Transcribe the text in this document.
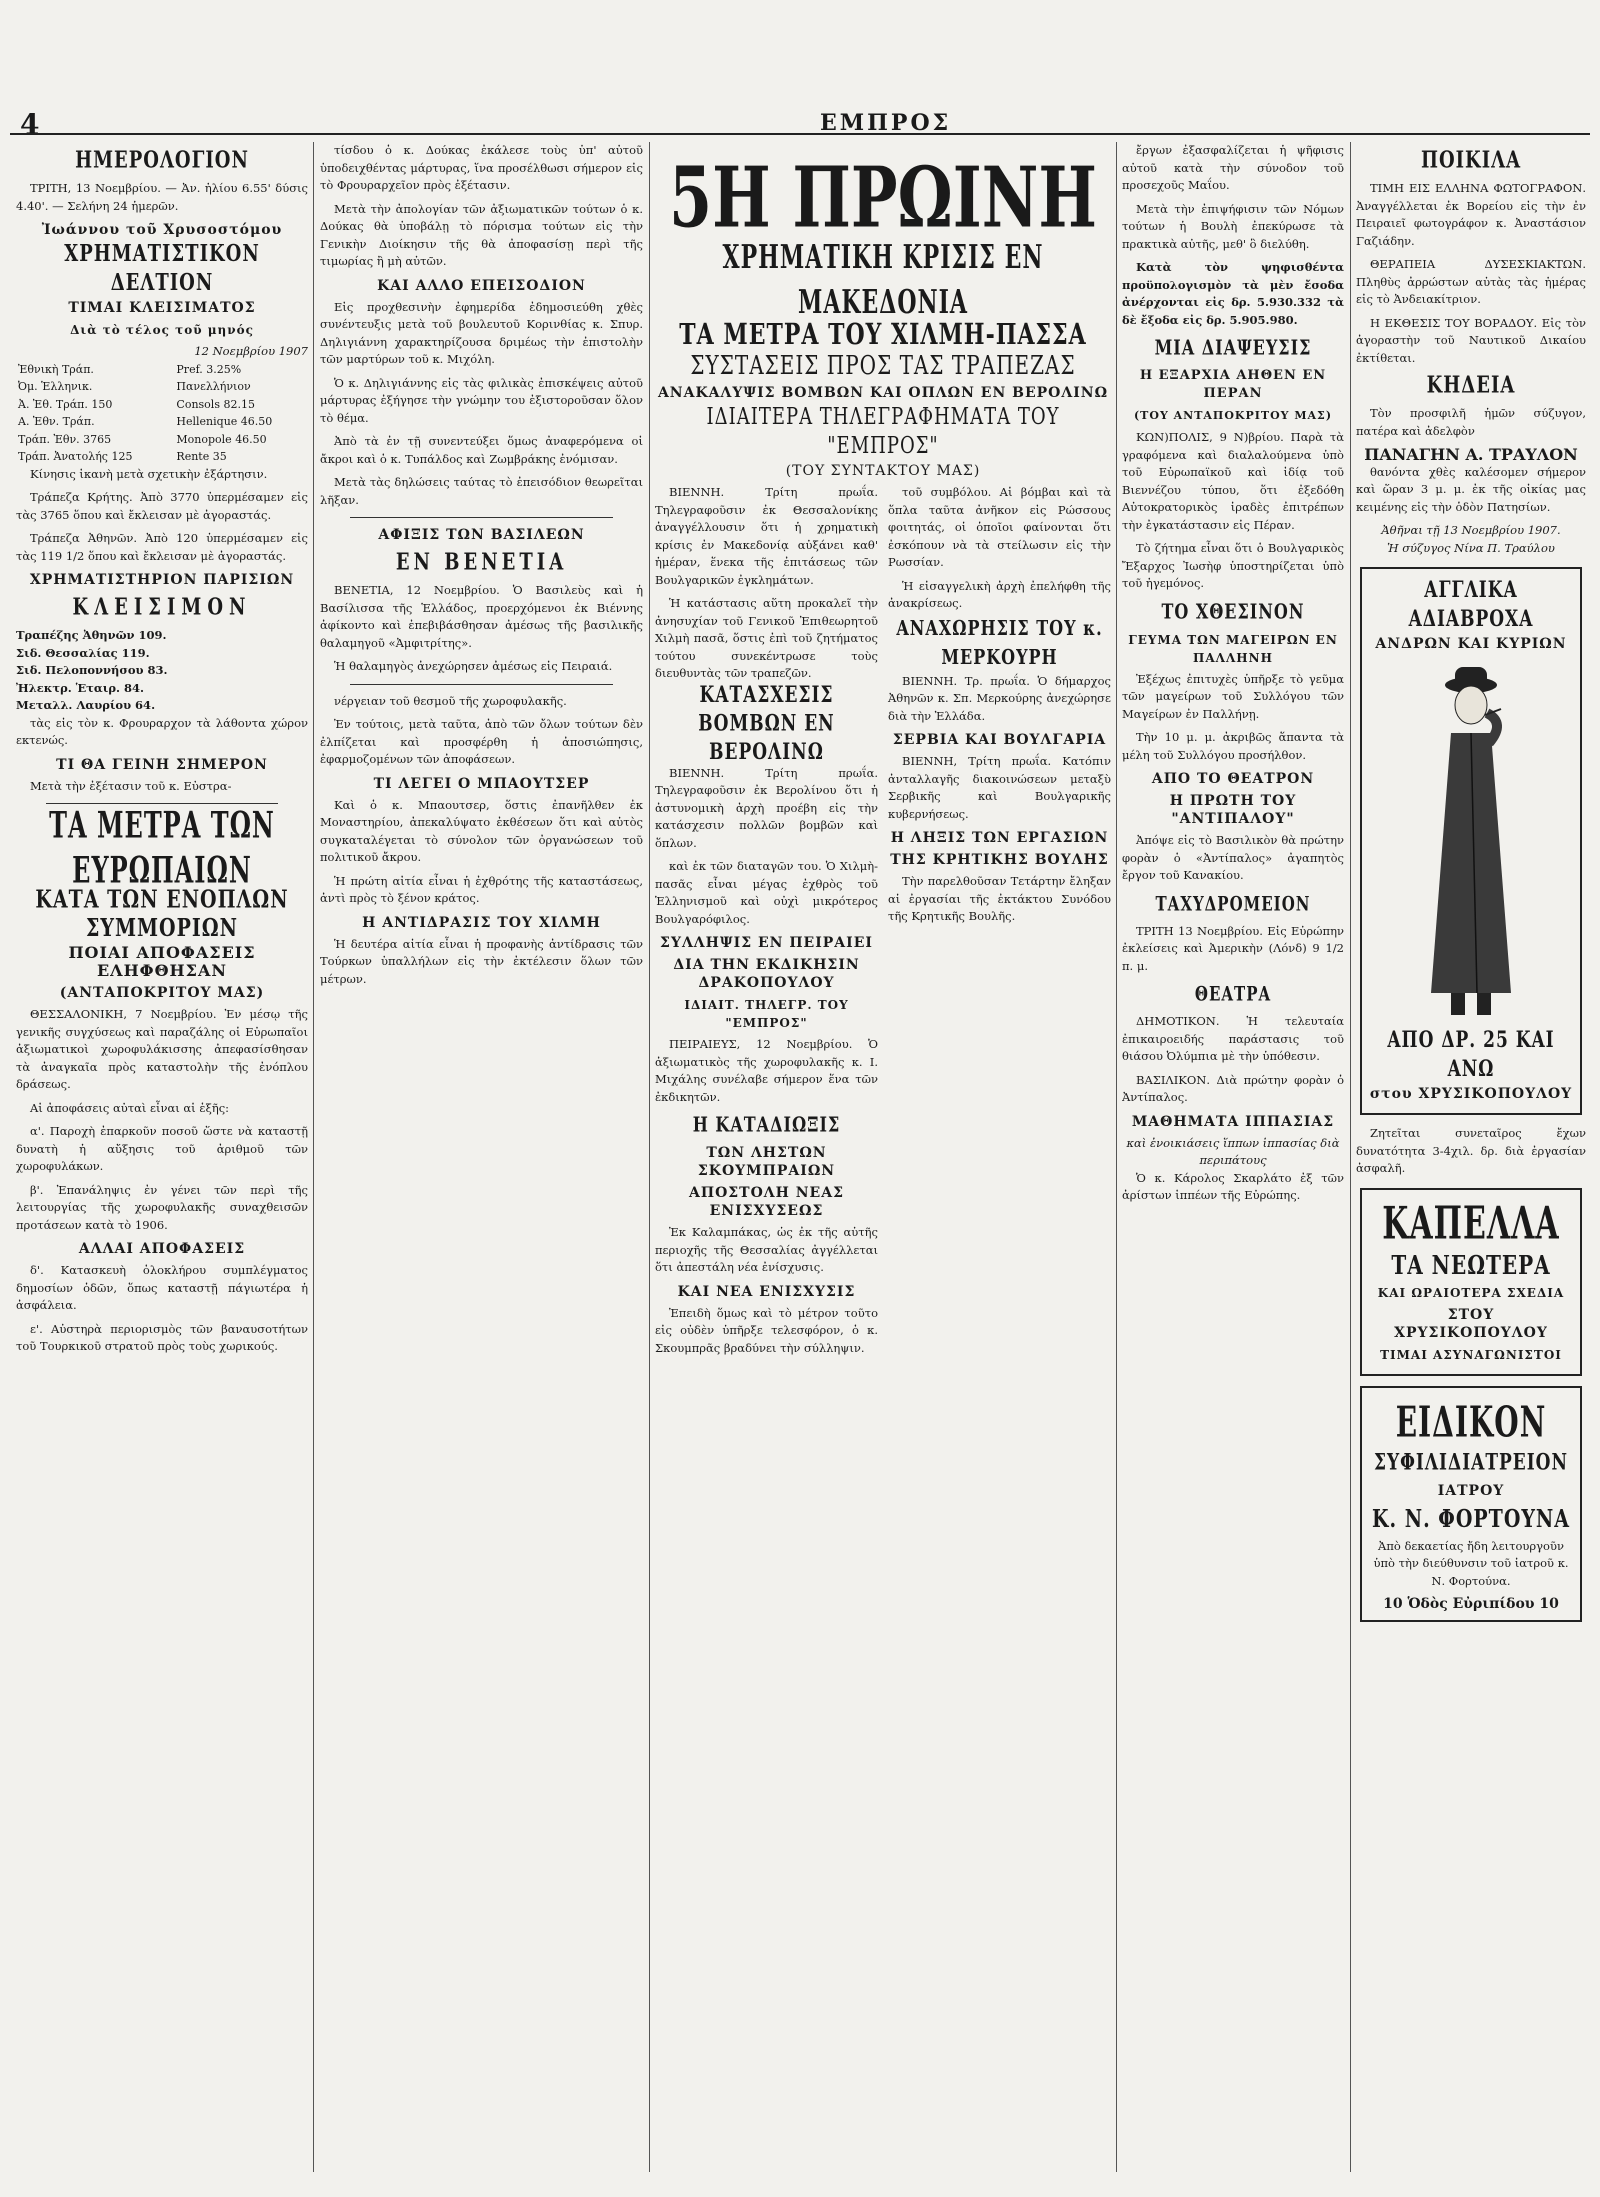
4	ΕΜΠΡΟΣ
ΗΜΕΡΟΛΟΓΙΟΝ

ΤΡΙΤΗ, 13 Νοεμβρίου. — Ἀν. ἡλίου 6.55' δύσις 4.40'. — Σελήνη 24 ἡμερῶν.

Ἰωάννου τοῦ Χρυσοστόμου
ΧΡΗΜΑΤΙΣΤΙΚΟΝ ΔΕΛΤΙΟΝ
ΤΙΜΑΙ ΚΛΕΙΣΙΜΑΤΟΣ
Διὰ τὸ τέλος τοῦ μηνός
12 Νοεμβρίου 1907
Ἐθνικὴ Τράπ.	Pref. 3.25%
Ὀμ. Ἑλληνικ.	Πανελλήνιον
Ἀ. Ἐθ. Τράπ. 150	Consols 82.15
Α. Ἐθν. Τράπ.	Hellenique 46.50
Τράπ. Ἐθν. 3765	Monopole 46.50
Τράπ. Ἀνατολής 125	Rente 35

Κίνησις ἱκανὴ μετὰ σχετικὴν ἐξάρτησιν.

Τράπεζα Κρήτης. Ἀπὸ 3770 ὑπερμέσαμεν εἰς τὰς 3765 ὅπου καὶ ἔκλεισαν μὲ ἀγοραστάς.

Τράπεζα Ἀθηνῶν. Ἀπὸ 120 ὑπερμέσαμεν εἰς τὰς 119 1/2 ὅπου καὶ ἔκλεισαν μὲ ἀγοραστάς.

ΧΡΗΜΑΤΙΣΤΗΡΙΟΝ ΠΑΡΙΣΙΩΝ
ΚΛΕΙΣΙΜΟΝ
Τραπέζης Ἀθηνῶν 109.
Σιδ. Θεσσαλίας 119.
Σιδ. Πελοποννήσου 83.
Ἠλεκτρ. Ἑταιρ. 84.
Μεταλλ. Λαυρίου 64.

τὰς εἰς τὸν κ. Φρουραρχον τὰ λάθοντα χώρον εκτενώς.

ΤΙ ΘΑ ΓΕΙΝΗ ΣΗΜΕΡΟΝ

Μετὰ τὴν ἐξέτασιν τοῦ κ. Εὐστρα-

ΤΑ ΜΕΤΡΑ ΤΩΝ ΕΥΡΩΠΑΙΩΝ
ΚΑΤΑ ΤΩΝ ΕΝΟΠΛΩΝ ΣΥΜΜΟΡΙΩΝ
ΠΟΙΑΙ ΑΠΟΦΑΣΕΙΣ ΕΛΗΦΘΗΣΑΝ
(ΑΝΤΑΠΟΚΡΙΤΟΥ ΜΑΣ)

ΘΕΣΣΑΛΟΝΙΚΗ, 7 Νοεμβρίου. Ἐν μέσῳ τῆς γενικῆς συγχύσεως καὶ παραζάλης οἱ Εὐρωπαῖοι ἀξιωματικοὶ χωροφυλάκισσης ἀπεφασίσθησαν τὰ ἀναγκαῖα πρὸς καταστολὴν τῆς ἐνόπλου δράσεως.

Αἱ ἀποφάσεις αὐταὶ εἶναι αἱ ἑξῆς:

α'. Παροχὴ ἐπαρκοῦν ποσοῦ ὥστε νὰ καταστῇ δυνατὴ ἡ αὔξησις τοῦ ἀριθμοῦ τῶν χωροφυλάκων.

β'. Ἐπανάληψις ἐν γένει τῶν περὶ τῆς λειτουργίας τῆς χωροφυλακῆς συναχθεισῶν προτάσεων κατὰ τὸ 1906.

ΑΛΛΑΙ ΑΠΟΦΑΣΕΙΣ

δ'. Κατασκευὴ ὁλοκλήρου συμπλέγματος δημοσίων ὁδῶν, ὅπως καταστῇ πάγιωτέρα ἡ ἀσφάλεια.

ε'. Αὐστηρὰ περιορισμὸς τῶν βαναυσοτήτων τοῦ Τουρκικοῦ στρατοῦ πρὸς τοὺς χωρικούς.

τίσδου ὁ κ. Δούκας ἐκάλεσε τοὺς ὑπ' αὐτοῦ ὑποδειχθέντας μάρτυρας, ἵνα προσέλθωσι σήμερον εἰς τὸ Φρουραρχεῖον πρὸς ἐξέτασιν.

Μετὰ τὴν ἀπολογίαν τῶν ἀξιωματικῶν τούτων ὁ κ. Δούκας θὰ ὑποβάλῃ τὸ πόρισμα τούτων εἰς τὴν Γενικὴν Διοίκησιν τῆς θὰ ἀποφασίσῃ περὶ τῆς τιμωρίας ἢ μὴ αὐτῶν.

ΚΑΙ ΑΛΛΟ ΕΠΕΙΣΟΔΙΟΝ

Εἰς προχθεσινὴν ἐφημερίδα ἐδημοσιεύθη χθὲς συνέντευξις μετὰ τοῦ βουλευτοῦ Κορινθίας κ. Σπυρ. Δηλιγιάννη χαρακτηρίζουσα δριμέως τὴν ἐπιστολὴν τῶν μαρτύρων τοῦ κ. Μιχόλη.

Ὁ κ. Δηλιγιάννης εἰς τὰς φιλικὰς ἐπισκέψεις αὐτοῦ μάρτυρας ἐξήγησε τὴν γνώμην του ἐξιστοροῦσαν ὅλον τὸ θέμα.

Ἀπὸ τὰ ἐν τῇ συνεντεύξει ὅμως ἀναφερόμενα οἱ ἄκροι καὶ ὁ κ. Τυπάλδος καὶ Ζωμβράκης ἐνόμισαν.

Μετὰ τὰς δηλώσεις ταύτας τὸ ἐπεισόδιον θεωρεῖται λῆξαν.

ΑΦΙΞΙΣ ΤΩΝ ΒΑΣΙΛΕΩΝ
ΕΝ ΒΕΝΕΤΙΑ

ΒΕΝΕΤΙΑ, 12 Νοεμβρίου. Ὁ Βασιλεὺς καὶ ἡ Βασίλισσα τῆς Ἑλλάδος, προερχόμενοι ἐκ Βιέννης ἀφίκοντο καὶ ἐπεβιβάσθησαν ἀμέσως τῆς βασιλικῆς θαλαμηγοῦ «Ἀμφιτρίτης».

Ἡ θαλαμηγὸς ἀνεχώρησεν ἀμέσως εἰς Πειραιά.

νέργειαν τοῦ θεσμοῦ τῆς χωροφυλακῆς.

Ἐν τούτοις, μετὰ ταῦτα, ἀπὸ τῶν ὄλων τούτων δὲν ἐλπίζεται καὶ προσφέρθη ἡ ἀποσιώπησις, ἐφαρμοζομένων τῶν ἀποφάσεων.

ΤΙ ΛΕΓΕΙ Ο ΜΠΑΟΥΤΣΕΡ

Καὶ ὁ κ. Μπαουτσερ, ὅστις ἐπανῆλθεν ἐκ Μοναστηρίου, ἀπεκαλύψατο ἐκθέσεων ὅτι καὶ αὐτὸς συγκαταλέγεται τὸ σύνολον τῶν ὀργανώσεων τοῦ πολιτικοῦ ἄκρου.

Ἡ πρώτη αἰτία εἶναι ἡ ἐχθρότης τῆς καταστάσεως, ἀντὶ πρὸς τὸ ξένον κράτος.

Η ΑΝΤΙΔΡΑΣΙΣ ΤΟΥ ΧΙΛΜΗ

Ἡ δευτέρα αἰτία εἶναι ἡ προφανὴς ἀντίδρασις τῶν Τούρκων ὑπαλλήλων εἰς τὴν ἐκτέλεσιν ὅλων τῶν μέτρων.

5Η ΠΡΩΙΝΗ
ΧΡΗΜΑΤΙΚΗ ΚΡΙΣΙΣ ΕΝ ΜΑΚΕΔΟΝΙΑ
ΤΑ ΜΕΤΡΑ ΤΟΥ ΧΙΛΜΗ-ΠΑΣΣΑ
ΣΥΣΤΑΣΕΙΣ ΠΡΟΣ ΤΑΣ ΤΡΑΠΕΖΑΣ
ΑΝΑΚΑΛΥΨΙΣ ΒΟΜΒΩΝ ΚΑΙ ΟΠΛΩΝ ΕΝ ΒΕΡΟΛΙΝΩ
ΙΔΙΑΙΤΕΡΑ ΤΗΛΕΓΡΑΦΗΜΑΤΑ ΤΟΥ "ΕΜΠΡΟΣ"
(ΤΟΥ ΣΥΝΤΑΚΤΟΥ ΜΑΣ)

ΒΙΕΝΝΗ. Τρίτη πρωΐα. Τηλεγραφοῦσιν ἐκ Θεσσαλονίκης ἀναγγέλλουσιν ὅτι ἡ χρηματικὴ κρίσις ἐν Μακεδονίᾳ αὐξάνει καθ' ἡμέραν, ἕνεκα τῆς ἐπιτάσεως τῶν Βουλγαρικῶν ἐγκλημάτων.

Ἡ κατάστασις αὕτη προκαλεῖ τὴν ἀνησυχίαν τοῦ Γενικοῦ Ἐπιθεωρητοῦ Χιλμὴ πασᾶ, ὅστις ἐπὶ τοῦ ζητήματος τούτου συνεκέντρωσε τοὺς διευθυντὰς τῶν τραπεζῶν.

ΚΑΤΑΣΧΕΣΙΣ ΒΟΜΒΩΝ ΕΝ ΒΕΡΟΛΙΝΩ

ΒΙΕΝΝΗ. Τρίτη πρωΐα. Τηλεγραφοῦσιν ἐκ Βερολίνου ὅτι ἡ ἀστυνομικὴ ἀρχὴ προέβη εἰς τὴν κατάσχεσιν πολλῶν βομβῶν καὶ ὅπλων.

καὶ ἐκ τῶν διαταγῶν του. Ὁ Χιλμὴ-πασᾶς εἶναι μέγας ἐχθρὸς τοῦ Ἑλληνισμοῦ καὶ οὐχὶ μικρότερος Βουλγαρόφιλος.

ΣΥΛΛΗΨΙΣ ΕΝ ΠΕΙΡΑΙΕΙ
ΔΙΑ ΤΗΝ ΕΚΔΙΚΗΣΙΝ ΔΡΑΚΟΠΟΥΛΟΥ
ΙΔΙΑΙΤ. ΤΗΛΕΓΡ. ΤΟΥ "ΕΜΠΡΟΣ"

ΠΕΙΡΑΙΕΥΣ, 12 Νοεμβρίου. Ὁ ἀξιωματικὸς τῆς χωροφυλακῆς κ. Ι. Μιχάλης συνέλαβε σήμερον ἕνα τῶν ἐκδικητῶν.

Η ΚΑΤΑΔΙΩΞΙΣ
ΤΩΝ ΛΗΣΤΩΝ ΣΚΟΥΜΠΡΑΙΩΝ
ΑΠΟΣΤΟΛΗ ΝΕΑΣ ΕΝΙΣΧΥΣΕΩΣ

Ἐκ Καλαμπάκας, ὡς ἐκ τῆς αὐτῆς περιοχῆς τῆς Θεσσαλίας ἀγγέλλεται ὅτι ἀπεστάλη νέα ἐνίσχυσις.

ΚΑΙ ΝΕΑ ΕΝΙΣΧΥΣΙΣ

Ἐπειδὴ ὅμως καὶ τὸ μέτρον τοῦτο εἰς οὐδὲν ὑπῆρξε τελεσφόρον, ὁ κ. Σκουμπρᾶς βραδύνει τὴν σύλληψιν.

τοῦ συμβόλου. Αἱ βόμβαι καὶ τὰ ὅπλα ταῦτα ἀνῆκον εἰς Ρώσσους φοιτητάς, οἱ ὁποῖοι φαίνονται ὅτι ἐσκόπουν νὰ τὰ στείλωσιν εἰς τὴν Ρωσσίαν.

Ἡ εἰσαγγελικὴ ἀρχὴ ἐπελήφθη τῆς ἀνακρίσεως.

ΑΝΑΧΩΡΗΣΙΣ ΤΟΥ κ. ΜΕΡΚΟΥΡΗ

ΒΙΕΝΝΗ. Τρ. πρωΐα. Ὁ δήμαρχος Ἀθηνῶν κ. Σπ. Μερκούρης ἀνεχώρησε διὰ τὴν Ἑλλάδα.

ΣΕΡΒΙΑ ΚΑΙ ΒΟΥΛΓΑΡΙΑ

ΒΙΕΝΝΗ, Τρίτη πρωΐα. Κατόπιν ἀνταλλαγῆς διακοινώσεων μεταξὺ Σερβικῆς καὶ Βουλγαρικῆς κυβερνήσεως.

Η ΛΗΞΙΣ ΤΩΝ ΕΡΓΑΣΙΩΝ
ΤΗΣ ΚΡΗΤΙΚΗΣ ΒΟΥΛΗΣ

Τὴν παρελθοῦσαν Τετάρτην ἔληξαν αἱ ἐργασίαι τῆς ἐκτάκτου Συνόδου τῆς Κρητικῆς Βουλῆς.

ἔργων ἐξασφαλίζεται ἡ ψῆφισις αὐτοῦ κατὰ τὴν σύνοδον τοῦ προσεχοῦς Μαΐου.

Μετὰ τὴν ἐπιψήφισιν τῶν Νόμων τούτων ἡ Βουλὴ ἐπεκύρωσε τὰ πρακτικὰ αὐτῆς, μεθ' ὃ διελύθη.

Κατὰ τὸν ψηφισθέντα προϋπολογισμὸν τὰ μὲν ἔσοδα ἀνέρχονται εἰς δρ. 5.930.332 τὰ δὲ ἔξοδα εἰς δρ. 5.905.980.

ΜΙΑ ΔΙΑΨΕΥΣΙΣ
Η ΕΞΑΡΧΙΑ ΑΗΘΕΝ ΕΝ ΠΕΡΑΝ
(ΤΟΥ ΑΝΤΑΠΟΚΡΙΤΟΥ ΜΑΣ)

ΚΩΝ)ΠΟΛΙΣ, 9 Ν)βρίου. Παρὰ τὰ γραφόμενα καὶ διαλαλούμενα ὑπὸ τοῦ Εὐρωπαϊκοῦ καὶ ἰδίᾳ τοῦ Βιεννέζου τύπου, ὅτι ἐξεδόθη Αὐτοκρατορικὸς ἰραδὲς ἐπιτρέπων τὴν ἐγκατάστασιν εἰς Πέραν.

Τὸ ζήτημα εἶναι ὅτι ὁ Βουλγαρικὸς Ἔξαρχος Ἰωσὴφ ὑποστηρίζεται ὑπὸ τοῦ ἡγεμόνος.

ΤΟ ΧΘΕΣΙΝΟΝ
ΓΕΥΜΑ ΤΩΝ ΜΑΓΕΙΡΩΝ ΕΝ ΠΑΛΛΗΝΗ

Ἐξέχως ἐπιτυχὲς ὑπῆρξε τὸ γεῦμα τῶν μαγείρων τοῦ Συλλόγου τῶν Μαγείρων ἐν Παλλήνῃ.

Τὴν 10 μ. μ. ἀκριβῶς ἅπαντα τὰ μέλη τοῦ Συλλόγου προσήλθον.

ΑΠΟ ΤΟ ΘΕΑΤΡΟΝ
Η ΠΡΩΤΗ ΤΟΥ "ΑΝΤΙΠΑΛΟΥ"

Ἀπόψε εἰς τὸ Βασιλικὸν θὰ πρώτην φορὰν ὁ «Ἀντίπαλος» ἀγαπητὸς ἔργον τοῦ Κανακίου.

ΤΑΧΥΔΡΟΜΕΙΟΝ

ΤΡΙΤΗ 13 Νοεμβρίου. Εἰς Εὐρώπην ἐκλείσεις καὶ Ἀμερικὴν (Λόνδ) 9 1/2 π. μ.

ΘΕΑΤΡΑ

ΔΗΜΟΤΙΚΟΝ. Ἡ τελευταία ἐπικαιροειδής παράστασις τοῦ θιάσου Ὀλύμπια μὲ τὴν ὑπόθεσιν.

ΒΑΣΙΛΙΚΟΝ. Διὰ πρώτην φορὰν ὁ Ἀντίπαλος.

ΜΑΘΗΜΑΤΑ ΙΠΠΑΣΙΑΣ
καὶ ἐνοικιάσεις ἵππων ἱππασίας διὰ περιπάτους

Ὁ κ. Κάρολος Σκαρλάτο ἐξ τῶν ἀρίστων ἱππέων τῆς Εὐρώπης.

ΠΟΙΚΙΛΑ

ΤΙΜΗ ΕΙΣ ΕΛΛΗΝΑ ΦΩΤΟΓΡΑΦΟΝ. Ἀναγγέλλεται ἐκ Βορείου εἰς τὴν ἐν Πειραιεῖ φωτογράφον κ. Ἀναστάσιον Γαζιάδην.

ΘΕΡΑΠΕΙΑ ΔΥΣΕΣΚΙΑΚΤΩΝ. Πληθὺς ἀρρώστων αὐτὰς τὰς ἡμέρας εἰς τὸ Ἀνδειακίτριον.

Η ΕΚΘΕΣΙΣ ΤΟΥ ΒΟΡΑΔΟΥ. Εἰς τὸν ἀγοραστὴν τοῦ Ναυτικοῦ Δικαίου ἐκτίθεται.

ΚΗΔΕΙΑ

Τὸν προσφιλῆ ἡμῶν σύζυγον, πατέρα καὶ ἀδελφὸν

ΠΑΝΑΓΗΝ Α. ΤΡΑΥΛΟΝ

θανόντα χθὲς καλέσομεν σήμερον καὶ ὥραν 3 μ. μ. ἐκ τῆς οἰκίας μας κειμένης εἰς τὴν ὁδὸν Πατησίων.

Ἀθῆναι τῇ 13 Νοεμβρίου 1907.
Ἡ σύζυγος Νίνα Π. Τραύλου
ΑΓΓΛΙΚΑ ΑΔΙΑΒΡΟΧΑ
ΑΝΔΡΩΝ ΚΑΙ ΚΥΡΙΩΝ
ΑΠΟ ΔΡ. 25 ΚΑΙ ΑΝΩ
στου ΧΡΥΣΙΚΟΠΟΥΛΟΥ

Ζητεῖται συνεταῖρος ἔχων δυνατότητα 3-4χιλ. δρ. διὰ ἐργασίαν ἀσφαλῆ.

ΚΑΠΕΛΛΑ
ΤΑ ΝΕΩΤΕΡΑ
ΚΑΙ ΩΡΑΙΟΤΕΡΑ ΣΧΕΔΙΑ
ΣΤΟΥ ΧΡΥΣΙΚΟΠΟΥΛΟΥ
ΤΙΜΑΙ ΑΣΥΝΑΓΩΝΙΣΤΟΙ
ΕΙΔΙΚΟΝ
ΣΥΦΙΛΙΔΙΑΤΡΕΙΟΝ
ΙΑΤΡΟΥ
Κ. Ν. ΦΟΡΤΟΥΝΑ

Ἀπὸ δεκαετίας ἤδη λειτουργοῦν ὑπὸ τὴν διεύθυνσιν τοῦ ἰατροῦ κ. Ν. Φορτούνα.

10 Ὁδὸς Εὐριπίδου 10
